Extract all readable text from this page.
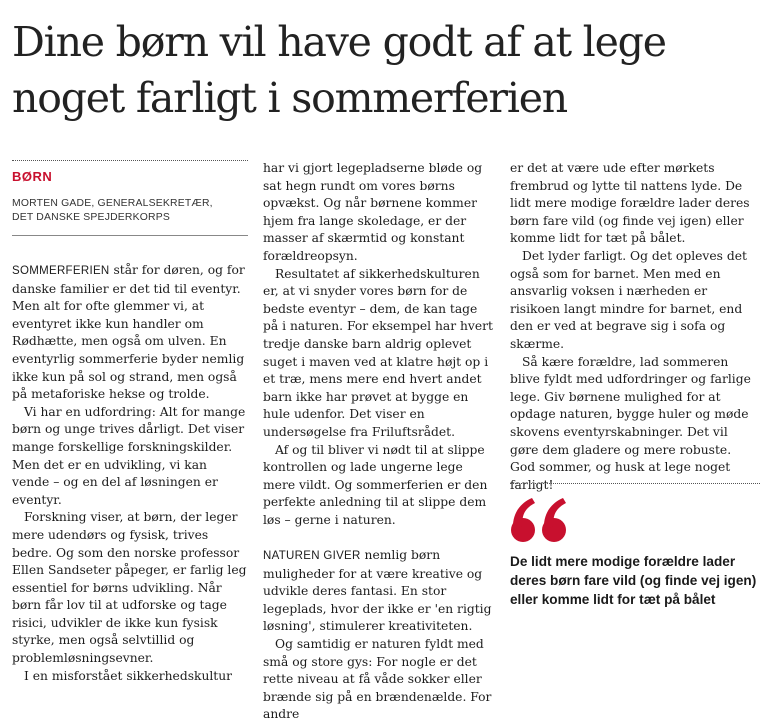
Dine børn vil have godt af at lege noget farligt i sommerferien
BØRN
MORTEN GADE, GENERALSEKRETÆR,
DET DANSKE SPEJDERKORPS

SOMMERFERIEN står for døren, og for danske familier er det tid til eventyr. Men alt for ofte glemmer vi, at eventyret ikke kun handler om Rødhætte, men også om ulven. En eventyrlig sommerferie byder nemlig ikke kun på sol og strand, men også på metaforiske hekse og trolde.

Vi har en udfordring: Alt for mange børn og unge trives dårligt. Det viser mange forskellige forskningskilder. Men det er en udvikling, vi kan vende – og en del af løsningen er eventyr.

Forskning viser, at børn, der leger mere udendørs og fysisk, trives bedre. Og som den norske professor Ellen Sandseter påpeger, er farlig leg essentiel for børns udvikling. Når børn får lov til at udforske og tage risici, udvikler de ikke kun fysisk styrke, men også selvtillid og problemløsningsevner.

I en misforstået sikkerhedskultur

har vi gjort legepladserne bløde og sat hegn rundt om vores børns opvækst. Og når børnene kommer hjem fra lange skoledage, er der masser af skærmtid og konstant forældreopsyn.

Resultatet af sikkerhedskulturen er, at vi snyder vores børn for de bedste eventyr – dem, de kan tage på i naturen. For eksempel har hvert tredje danske barn aldrig oplevet suget i maven ved at klatre højt op i et træ, mens mere end hvert andet barn ikke har prøvet at bygge en hule udenfor. Det viser en undersøgelse fra Friluftsrådet.

Af og til bliver vi nødt til at slippe kontrollen og lade ungerne lege mere vildt. Og sommerferien er den perfekte anledning til at slippe dem løs – gerne i naturen.

NATUREN GIVER nemlig børn muligheder for at være kreative og udvikle deres fantasi. En stor legeplads, hvor der ikke er 'en rigtig løsning', stimulerer kreativiteten.

Og samtidig er naturen fyldt med små og store gys: For nogle er det rette niveau at få våde sokker eller brænde sig på en brændenælde. For andre

er det at være ude efter mørkets frembrud og lytte til nattens lyde. De lidt mere modige forældre lader deres børn fare vild (og finde vej igen) eller komme lidt for tæt på bålet.

Det lyder farligt. Og det opleves det også som for barnet. Men med en ansvarlig voksen i nærheden er risikoen langt mindre for barnet, end den er ved at begrave sig i sofa og skærme.

Så kære forældre, lad sommeren blive fyldt med udfordringer og farlige lege. Giv børnene mulighed for at opdage naturen, bygge huler og møde skovens eventyrskabninger. Det vil gøre dem gladere og mere robuste. God sommer, og husk at lege noget farligt!

De lidt mere modige forældre lader deres børn fare vild (og finde vej igen) eller komme lidt for tæt på bålet
